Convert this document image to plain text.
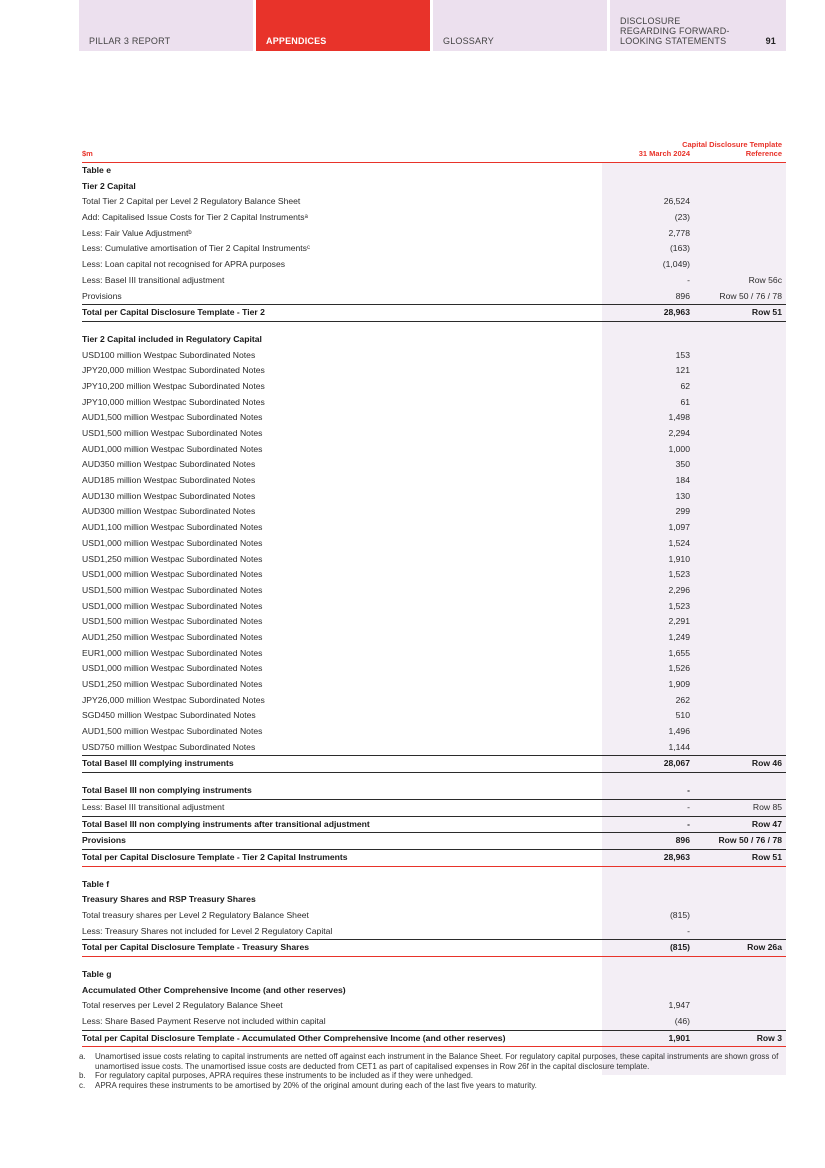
PILLAR 3 REPORT	APPENDICES	GLOSSARY
DISCLOSURE
REGARDING FORWARD-
LOOKING STATEMENTS	91
$m	31 March 2024
Capital Disclosure Template Reference
Table e
Tier 2 Capital
Total Tier 2 Capital per Level 2 Regulatory Balance Sheet	26,524
Add: Capitalised Issue Costs for Tier 2 Capital Instrumentsᵃ	(23)
Less: Fair Value Adjustmentᵇ	2,778
Less: Cumulative amortisation of Tier 2 Capital Instrumentsᶜ	(163)
Less: Loan capital not recognised for APRA purposes	(1,049)
Less: Basel III transitional adjustment	-	Row 56c
Provisions	896	Row 50 / 76 / 78
Total per Capital Disclosure Template - Tier 2	28,963	Row 51
Tier 2 Capital included in Regulatory Capital
USD100 million Westpac Subordinated Notes	153
JPY20,000 million Westpac Subordinated Notes	121
JPY10,200 million Westpac Subordinated Notes	62
JPY10,000 million Westpac Subordinated Notes	61
AUD1,500 million Westpac Subordinated Notes	1,498
USD1,500 million Westpac Subordinated Notes	2,294
AUD1,000 million Westpac Subordinated Notes	1,000
AUD350 million Westpac Subordinated Notes	350
AUD185 million Westpac Subordinated Notes	184
AUD130 million Westpac Subordinated Notes	130
AUD300 million Westpac Subordinated Notes	299
AUD1,100 million Westpac Subordinated Notes	1,097
USD1,000 million Westpac Subordinated Notes	1,524
USD1,250 million Westpac Subordinated Notes	1,910
USD1,000 million Westpac Subordinated Notes	1,523
USD1,500 million Westpac Subordinated Notes	2,296
USD1,000 million Westpac Subordinated Notes	1,523
USD1,500 million Westpac Subordinated Notes	2,291
AUD1,250 million Westpac Subordinated Notes	1,249
EUR1,000 million Westpac Subordinated Notes	1,655
USD1,000 million Westpac Subordinated Notes	1,526
USD1,250 million Westpac Subordinated Notes	1,909
JPY26,000 million Westpac Subordinated Notes	262
SGD450 million Westpac Subordinated Notes	510
AUD1,500 million Westpac Subordinated Notes	1,496
USD750 million Westpac Subordinated Notes	1,144
Total Basel III complying instruments	28,067	Row 46
Total Basel III non complying instruments	-
Less: Basel III transitional adjustment	-	Row 85
Total Basel III non complying instruments after transitional adjustment	-	Row 47
Provisions	896	Row 50 / 76 / 78
Total per Capital Disclosure Template - Tier 2 Capital Instruments	28,963	Row 51
Table f
Treasury Shares and RSP Treasury Shares
Total treasury shares per Level 2 Regulatory Balance Sheet	(815)
Less: Treasury Shares not included for Level 2 Regulatory Capital	-
Total per Capital Disclosure Template - Treasury Shares	(815)	Row 26a
Table g
Accumulated Other Comprehensive Income (and other reserves)
Total reserves per Level 2 Regulatory Balance Sheet	1,947
Less: Share Based Payment Reserve not included within capital	(46)
Total per Capital Disclosure Template - Accumulated Other Comprehensive Income (and other reserves)	1,901	Row 3
a.	Unamortised issue costs relating to capital instruments are netted off against each instrument in the Balance Sheet. For regulatory capital purposes, these capital instruments are shown gross of unamortised issue costs. The unamortised issue costs are deducted from CET1 as part of capitalised expenses in Row 26f in the capital disclosure template.
b.	For regulatory capital purposes, APRA requires these instruments to be included as if they were unhedged.
c.	APRA requires these instruments to be amortised by 20% of the original amount during each of the last five years to maturity.
